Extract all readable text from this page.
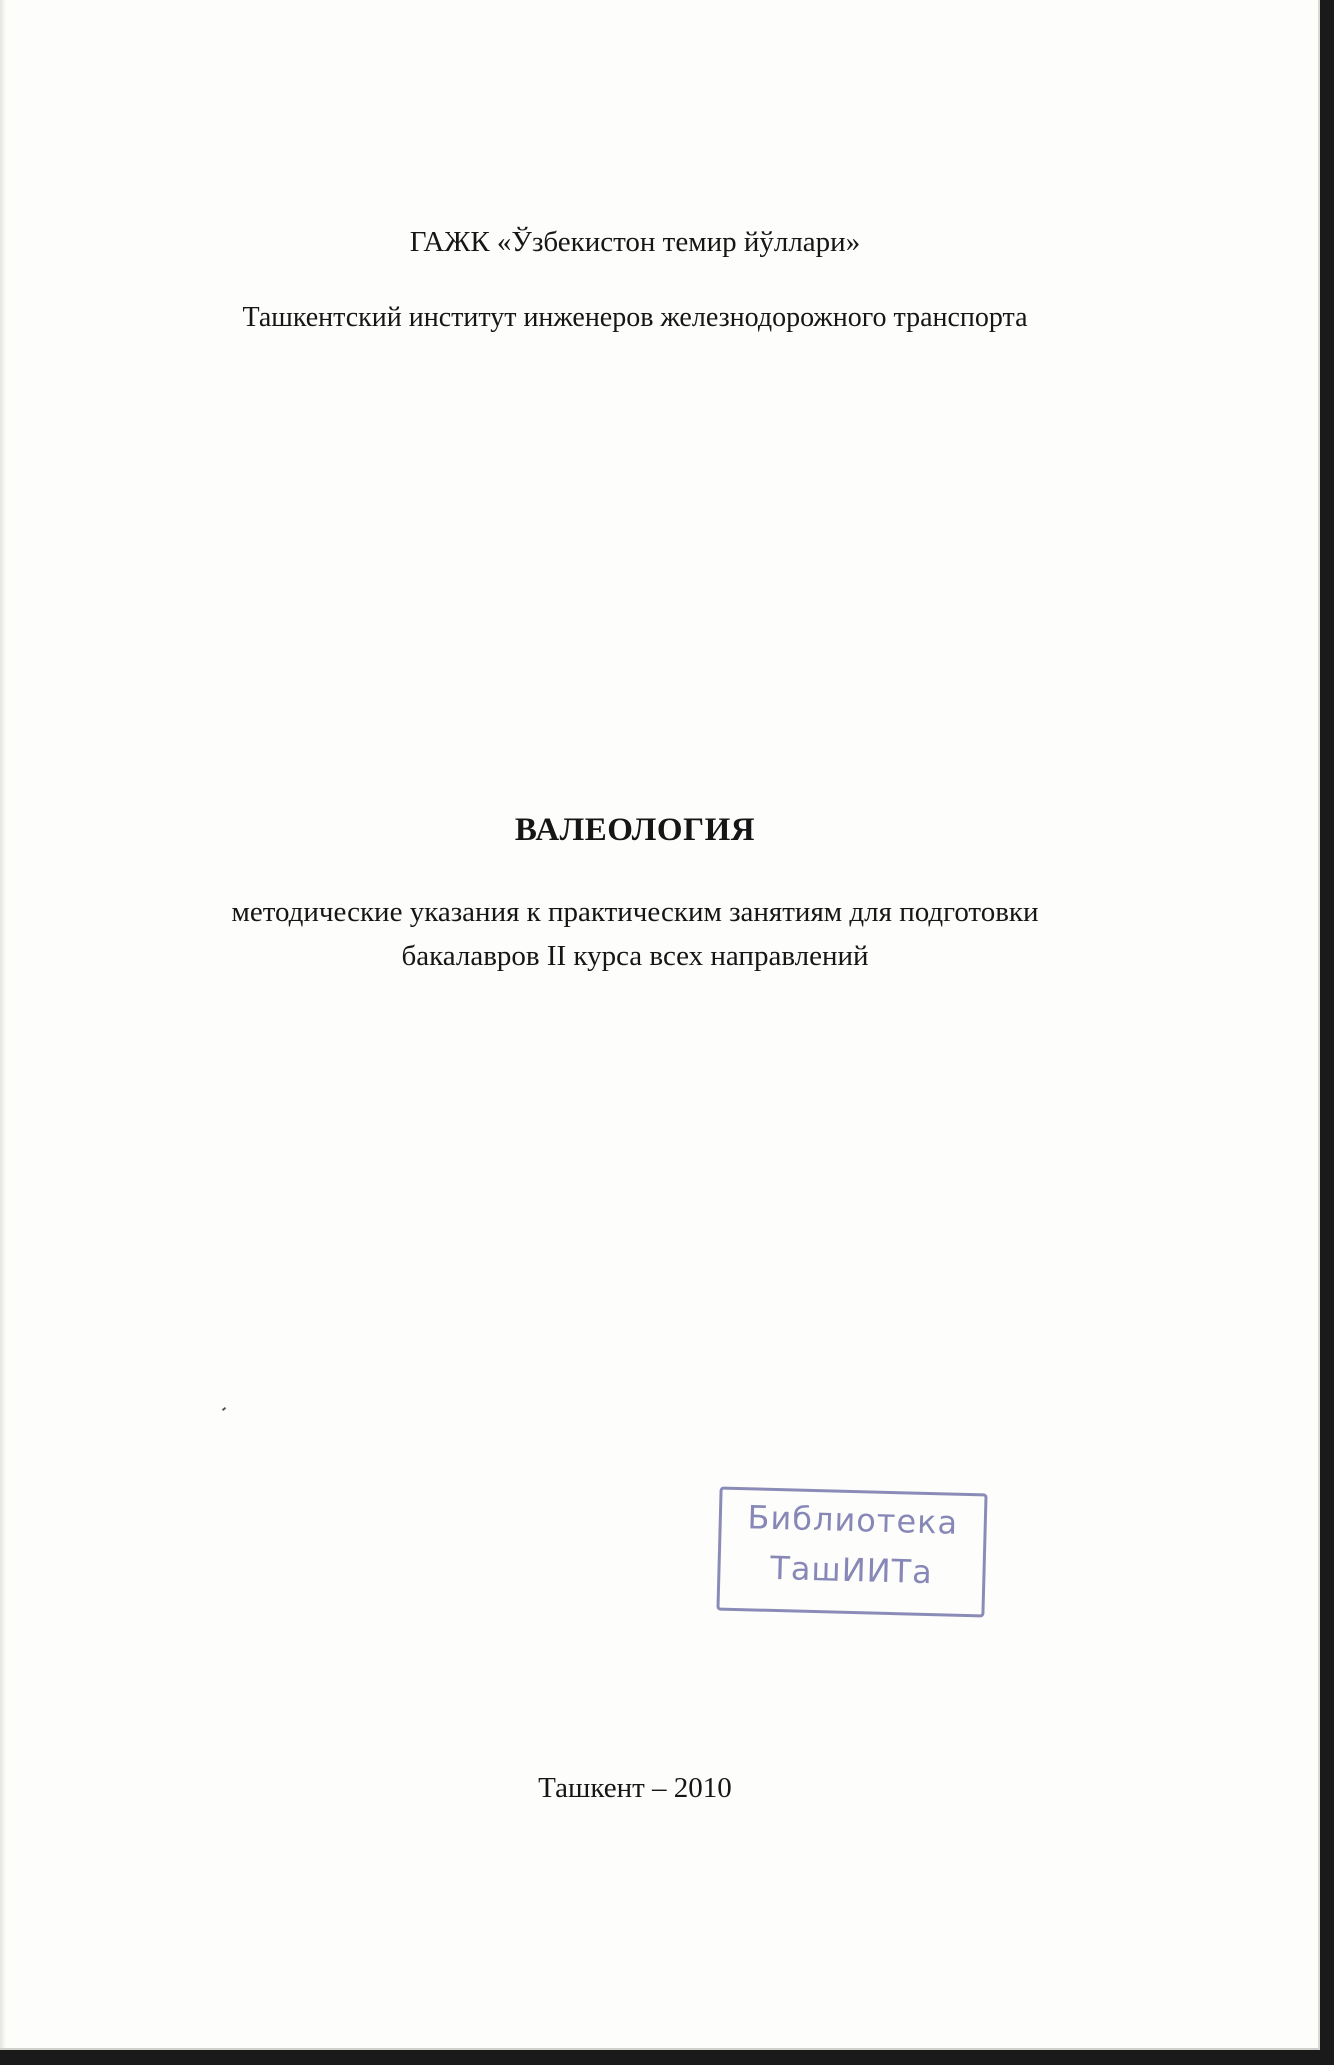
ГАЖК «Ўзбекистон темир йўллари»
Ташкентский институт инженеров железнодорожного транспорта
ВАЛЕОЛОГИЯ
методические указания к практическим занятиям для подготовки
бакалавров II курса всех направлений
Библиотека
ТашИИТа
Ташкент – 2010
